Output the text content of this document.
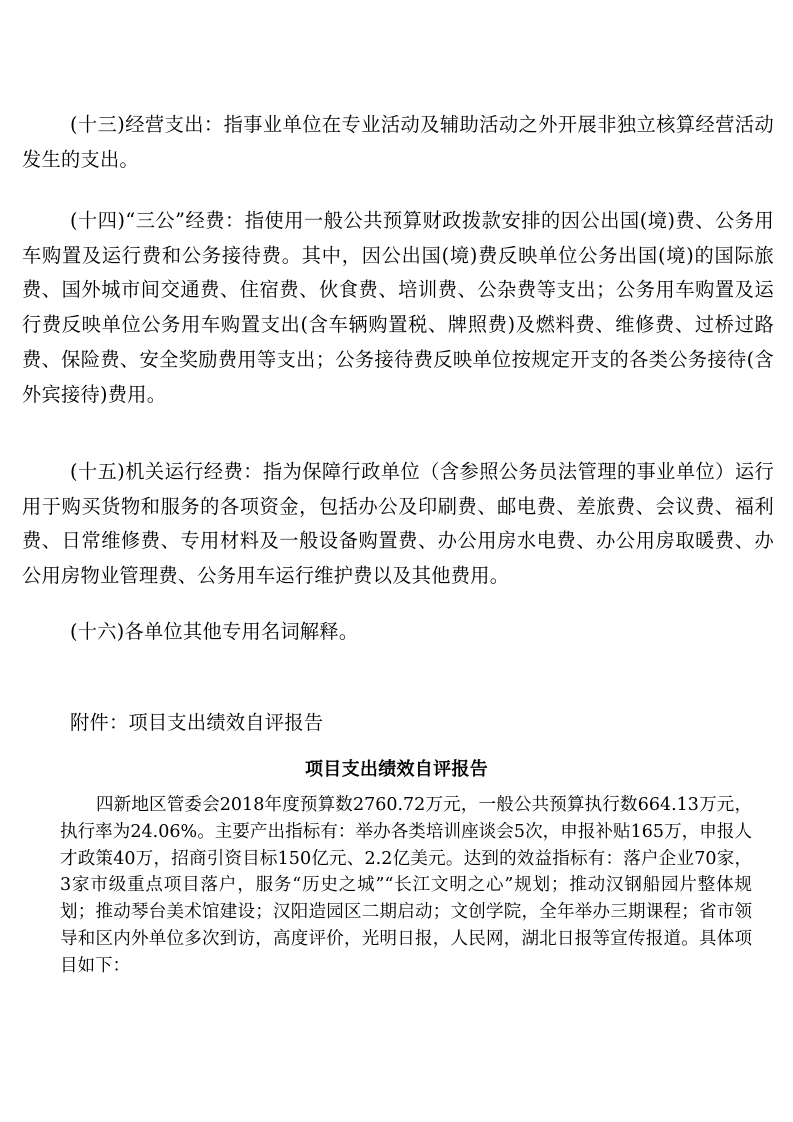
(十三)经营支出：指事业单位在专业活动及辅助活动之外开展非独立核算经营活动发生的支出。

(十四)“三公”经费：指使用一般公共预算财政拨款安排的因公出国(境)费、公务用车购置及运行费和公务接待费。其中，因公出国(境)费反映单位公务出国(境)的国际旅费、国外城市间交通费、住宿费、伙食费、培训费、公杂费等支出；公务用车购置及运行费反映单位公务用车购置支出(含车辆购置税、牌照费)及燃料费、维修费、过桥过路费、保险费、安全奖励费用等支出；公务接待费反映单位按规定开支的各类公务接待(含外宾接待)费用。

(十五)机关运行经费：指为保障行政单位（含参照公务员法管理的事业单位）运行用于购买货物和服务的各项资金，包括办公及印刷费、邮电费、差旅费、会议费、福利费、日常维修费、专用材料及一般设备购置费、办公用房水电费、办公用房取暖费、办公用房物业管理费、公务用车运行维护费以及其他费用。

(十六)各单位其他专用名词解释。

附件：项目支出绩效自评报告

项目支出绩效自评报告

四新地区管委会2018年度预算数2760.72万元，一般公共预算执行数664.13万元，执行率为24.06%。主要产出指标有：举办各类培训座谈会5次，申报补贴165万，申报人才政策40万，招商引资目标150亿元、2.2亿美元。达到的效益指标有：落户企业70家，3家市级重点项目落户，服务“历史之城”“长江文明之心”规划；推动汉钢船园片整体规划；推动琴台美术馆建设；汉阳造园区二期启动；文创学院，全年举办三期课程；省市领导和区内外单位多次到访，高度评价，光明日报，人民网，湖北日报等宣传报道。具体项目如下：
